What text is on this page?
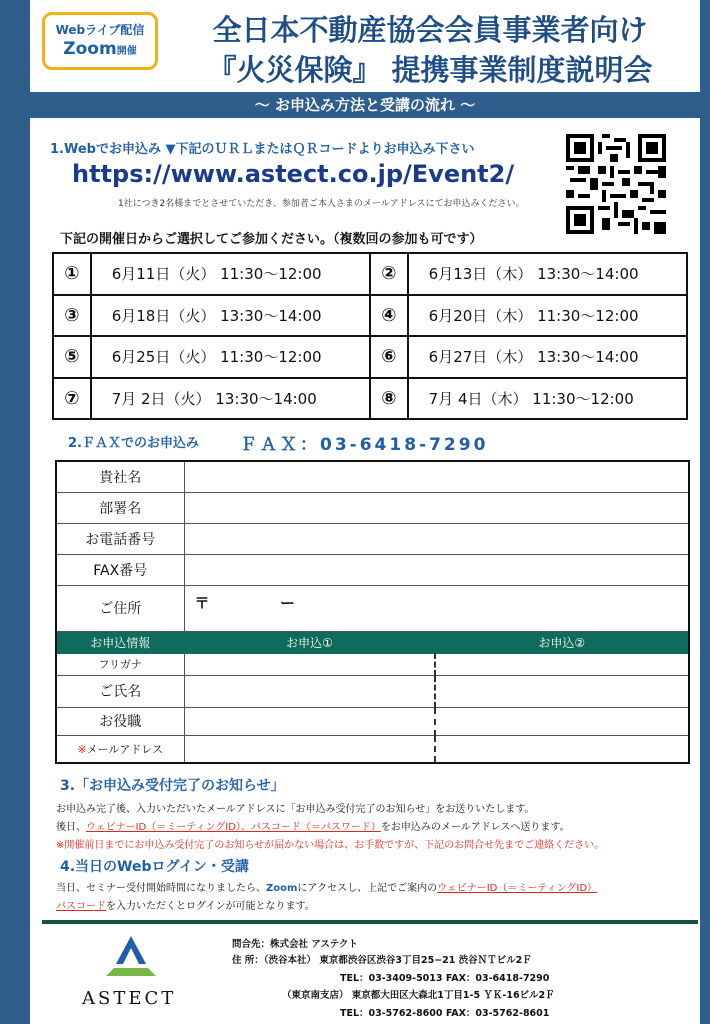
Webライブ配信
Zoom開催
全日本不動産協会会員事業者向け
『火災保険』 提携事業制度説明会
〜 お申込み方法と受講の流れ 〜
1.Webでお申込み ▼下記のＵＲＬまたはＱＲコードよりお申込み下さい
https://www.astect.co.jp/Event2/
1社につき2名様までとさせていただき、参加者ご本人さまのメールアドレスにてお申込みください。
下記の開催日からご選択してご参加ください。（複数回の参加も可です）
①	6月11日（火） 11:30〜12:00	②	6月13日（木） 13:30〜14:00
③	6月18日（火） 13:30〜14:00	④	6月20日（木） 11:30〜12:00
⑤	6月25日（火） 11:30〜12:00	⑥	6月27日（木） 13:30〜14:00
⑦	7月 2日（火） 13:30〜14:00	⑧	7月 4日（木） 11:30〜12:00
2.ＦＡＸでのお申込み ＦＡＸ：03-6418-7290
貴社名		
部署名		
お電話番号		
FAX番号		
ご住所	〒 　　　　 ー	

お申込情報	お申込①	お申込②
フリガナ		
ご氏名		
お役職		
※メールアドレス		
3.「お申込み受付完了のお知らせ」
お申込み完了後、入力いただいたメールアドレスに「お申込み受付完了のお知らせ」をお送りいたします。
後日、ウェビナーID（＝ミーティングID）、パスコード（＝パスワード）をお申込みのメールアドレスへ送ります。
※開催前日までにお申込み受付完了のお知らせが届かない場合は、お手数ですが、下記のお問合せ先までご連絡ください。
4.当日のWebログイン・受講
当日、セミナー受付開始時間になりましたら、Zoomにアクセスし、上記でご案内のウェビナーID（＝ミーティングID）
パスコードを入力いただくとログインが可能となります。
ASTECT
問合先：株式会社 アステクト
住 所：（渋谷本社） 東京都渋谷区渋谷3丁目25−21 渋谷ＮＴビル2Ｆ
TEL：03-3409-5013 FAX：03-6418-7290
（東京南支店） 東京都大田区大森北1丁目1-5 ＹＫ-16ビル2Ｆ
TEL：03-5762-8600 FAX：03-5762-8601
